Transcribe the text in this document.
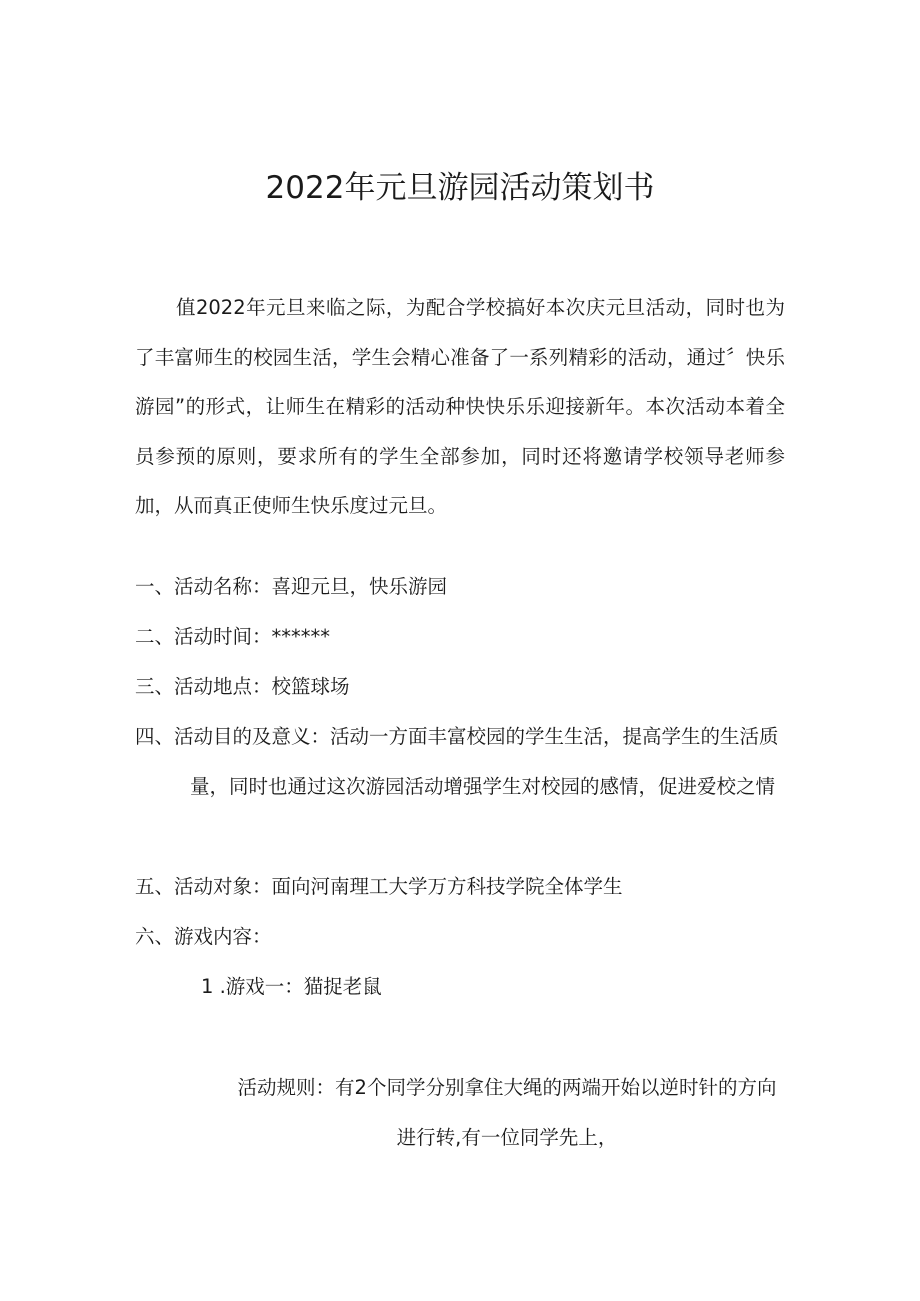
2022年元旦游园活动策划书

值2022年元旦来临之际，为配合学校搞好本次庆元旦活动，同时也为了丰富师生的校园生活，学生会精心准备了一系列精彩的活动，通过〞快乐游园”的形式，让师生在精彩的活动种快快乐乐迎接新年。本次活动本着全员参预的原则，要求所有的学生全部参加，同时还将邀请学校领导老师参加，从而真正使师生快乐度过元旦。

一、活动名称：喜迎元旦，快乐游园

二、活动时间：******

三、活动地点：校篮球场

四、活动目的及意义：活动一方面丰富校园的学生生活，提高学生的生活质量，同时也通过这次游园活动增强学生对校园的感情，促进爱校之情

五、活动对象：面向河南理工大学万方科技学院全体学生

六、游戏内容：

1 .游戏一：猫捉老鼠

活动规则：有2个同学分别拿住大绳的两端开始以逆时针的方向进行转,有一位同学先上，
